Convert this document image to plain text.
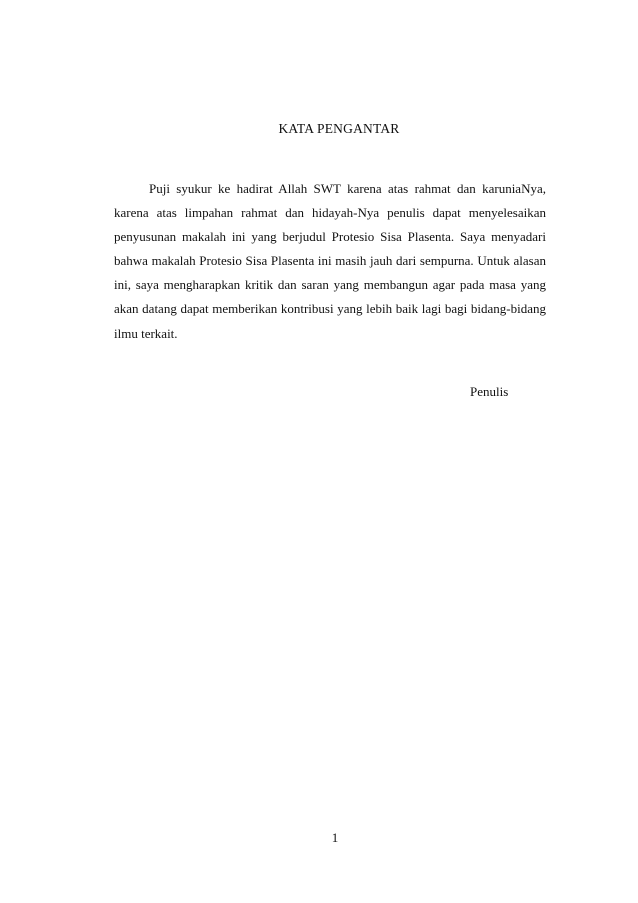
KATA PENGANTAR

Puji syukur ke hadirat Allah SWT karena atas rahmat dan karuniaNya, karena atas limpahan rahmat dan hidayah-Nya penulis dapat menyelesaikan penyusunan makalah ini yang berjudul Protesio Sisa Plasenta. Saya menyadari bahwa makalah Protesio Sisa Plasenta ini masih jauh dari sempurna. Untuk alasan ini, saya mengharapkan kritik dan saran yang membangun agar pada masa yang akan datang dapat memberikan kontribusi yang lebih baik lagi bagi bidang-bidang ilmu terkait.

Penulis
1
